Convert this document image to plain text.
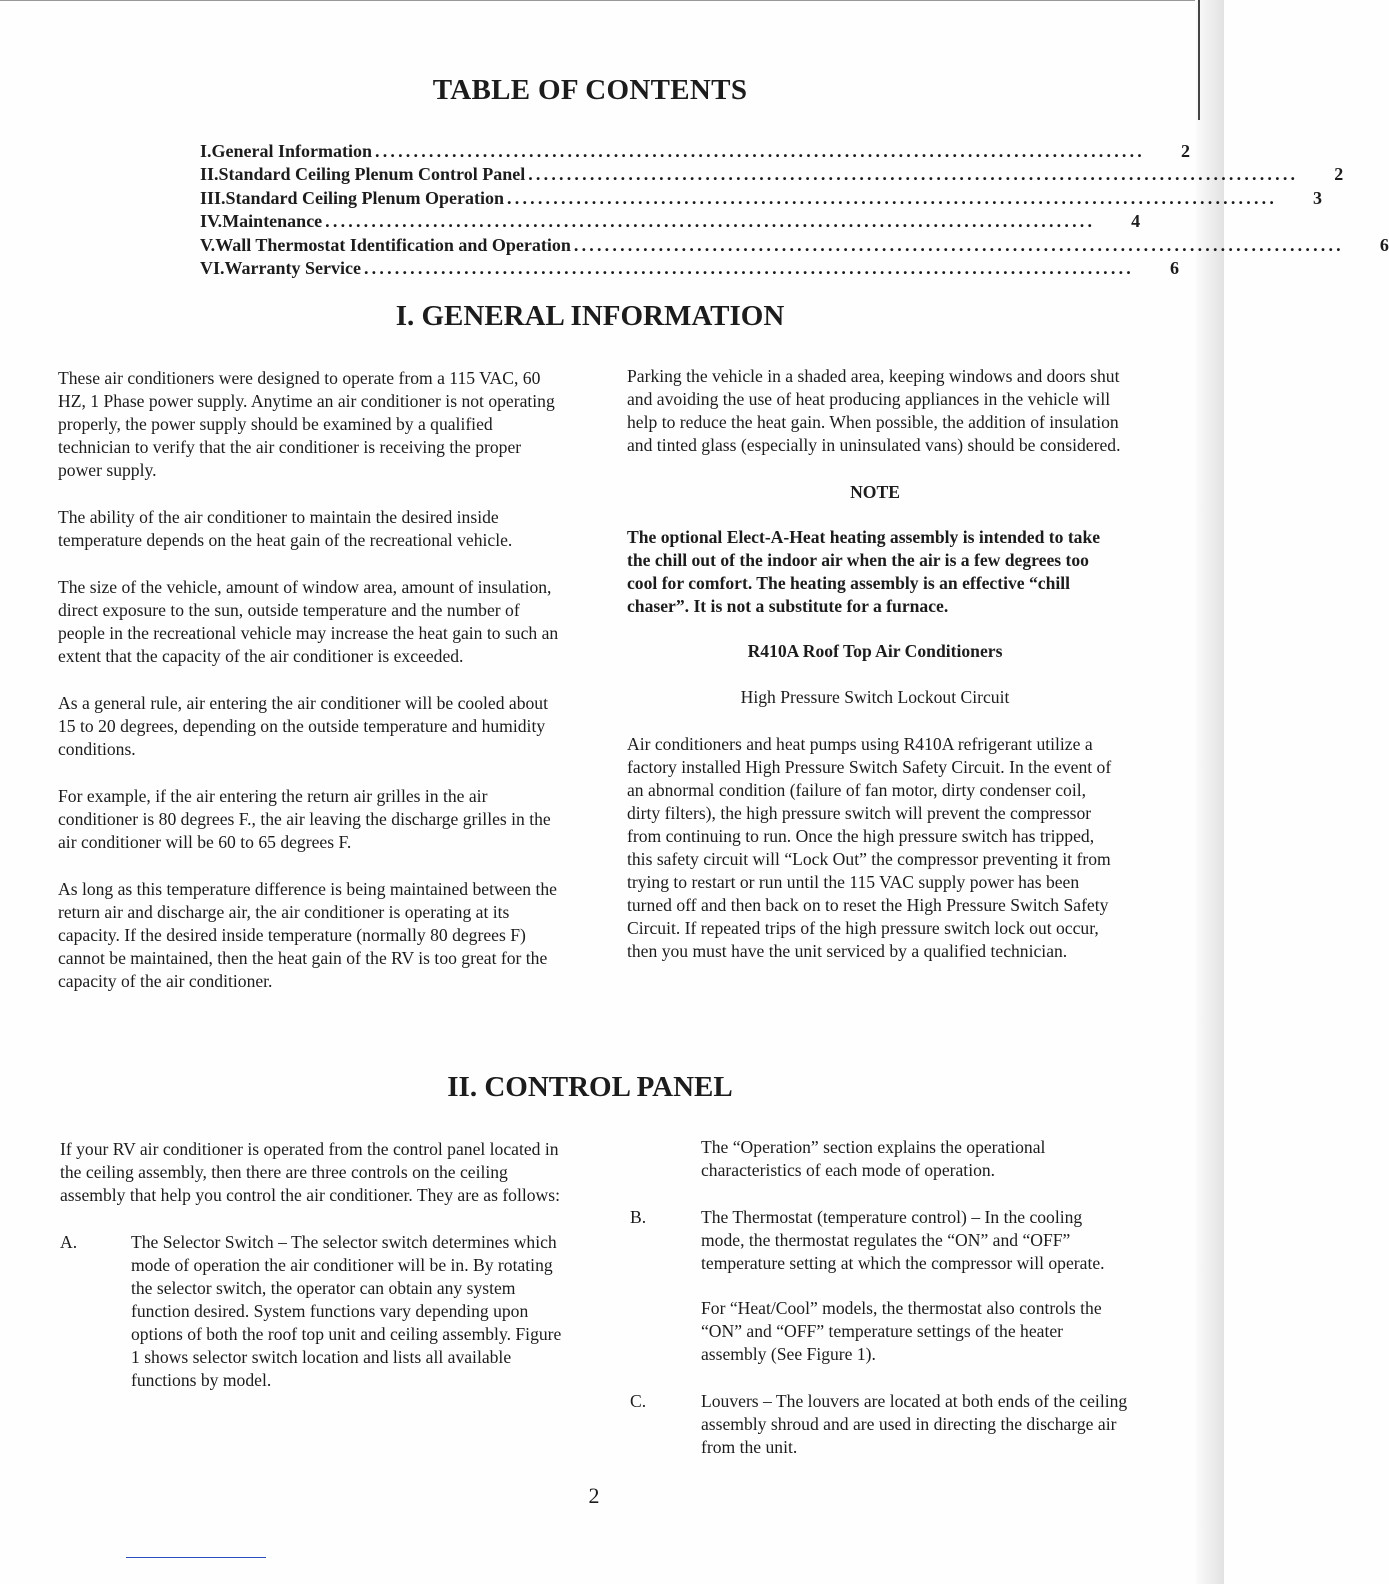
TABLE OF CONTENTS
I. General Information .................................................................................................... 2
II. Standard Ceiling Plenum Control Panel .................................................................................................... 2
III. Standard Ceiling Plenum Operation .................................................................................................... 3
IV. Maintenance .................................................................................................... 4
V. Wall Thermostat Identification and Operation .................................................................................................... 6
VI. Warranty Service .................................................................................................... 6
I. GENERAL INFORMATION

These air conditioners were designed to operate from a 115 VAC, 60 HZ, 1 Phase power supply. Anytime an air conditioner is not operating properly, the power supply should be examined by a qualified technician to verify that the air conditioner is receiving the proper power supply.

The ability of the air conditioner to maintain the desired inside temperature depends on the heat gain of the recreational vehicle.

The size of the vehicle, amount of window area, amount of insulation, direct exposure to the sun, outside temperature and the number of people in the recreational vehicle may increase the heat gain to such an extent that the capacity of the air conditioner is exceeded.

As a general rule, air entering the air conditioner will be cooled about 15 to 20 degrees, depending on the outside temperature and humidity conditions.

For example, if the air entering the return air grilles in the air conditioner is 80 degrees F., the air leaving the discharge grilles in the air conditioner will be 60 to 65 degrees F.

As long as this temperature difference is being maintained between the return air and discharge air, the air conditioner is operating at its capacity. If the desired inside temperature (normally 80 degrees F) cannot be maintained, then the heat gain of the RV is too great for the capacity of the air conditioner.

Parking the vehicle in a shaded area, keeping windows and doors shut and avoiding the use of heat producing appliances in the vehicle will help to reduce the heat gain. When possible, the addition of insulation and tinted glass (especially in uninsulated vans) should be considered.

NOTE
The optional Elect-A-Heat heating assembly is intended to take the chill out of the indoor air when the air is a few degrees too cool for comfort. The heating assembly is an effective “chill chaser”. It is not a substitute for a furnace.
R410A Roof Top Air Conditioners
High Pressure Switch Lockout Circuit

Air conditioners and heat pumps using R410A refrigerant utilize a factory installed High Pressure Switch Safety Circuit. In the event of an abnormal condition (failure of fan motor, dirty condenser coil, dirty filters), the high pressure switch will prevent the compressor from continuing to run. Once the high pressure switch has tripped, this safety circuit will “Lock Out” the compressor preventing it from trying to restart or run until the 115 VAC supply power has been turned off and then back on to reset the High Pressure Switch Safety Circuit. If repeated trips of the high pressure switch lock out occur, then you must have the unit serviced by a qualified technician.

II. CONTROL PANEL

If your RV air conditioner is operated from the control panel located in the ceiling assembly, then there are three controls on the ceiling assembly that help you control the air conditioner. They are as follows:

A.	The Selector Switch – The selector switch determines which mode of operation the air conditioner will be in. By rotating the selector switch, the operator can obtain any system function desired. System functions vary depending upon options of both the roof top unit and ceiling assembly. Figure 1 shows selector switch location and lists all available functions by model.

The “Operation” section explains the operational characteristics of each mode of operation.

B.	The Thermostat (temperature control) – In the cooling mode, the thermostat regulates the “ON” and “OFF” temperature setting at which the compressor will operate.

For “Heat/Cool” models, the thermostat also controls the “ON” and “OFF” temperature settings of the heater assembly (See Figure 1).

C.	Louvers – The louvers are located at both ends of the ceiling assembly shroud and are used in directing the discharge air from the unit.
2
